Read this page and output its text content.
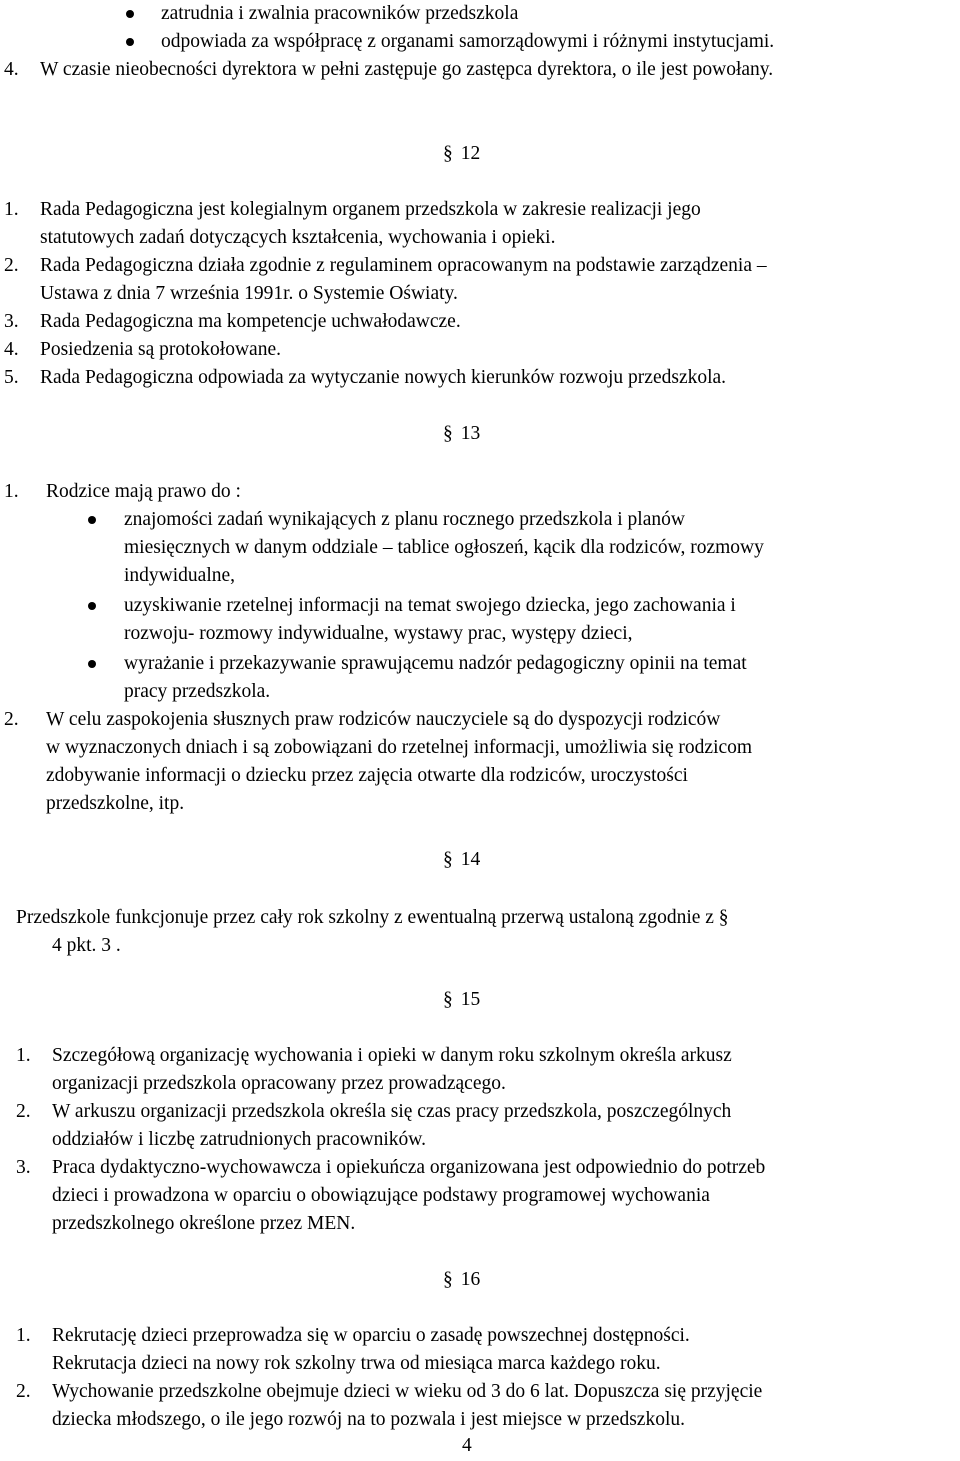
zatrudnia i zwalnia pracowników przedszkola
odpowiada za współpracę z organami samorządowymi i różnymi instytucjami.
4. W czasie nieobecności dyrektora w pełni zastępuje go zastępca dyrektora, o ile jest powołany.
§ 12
1. Rada Pedagogiczna jest kolegialnym organem przedszkola w zakresie realizacji jego
statutowych zadań dotyczących kształcenia, wychowania i opieki.
2. Rada Pedagogiczna działa zgodnie z regulaminem opracowanym na podstawie zarządzenia –
Ustawa z dnia 7 września 1991r. o Systemie Oświaty.
3. Rada Pedagogiczna ma kompetencje uchwałodawcze.
4. Posiedzenia są protokołowane.
5. Rada Pedagogiczna odpowiada za wytyczanie nowych kierunków rozwoju przedszkola.
§ 13
1. Rodzice mają prawo do :
znajomości zadań wynikających z planu rocznego przedszkola i planów
miesięcznych w danym oddziale – tablice ogłoszeń, kącik dla rodziców, rozmowy
indywidualne,
uzyskiwanie rzetelnej informacji na temat swojego dziecka, jego zachowania i
rozwoju- rozmowy indywidualne, wystawy prac, występy dzieci,
wyrażanie i przekazywanie sprawującemu nadzór pedagogiczny opinii na temat
pracy przedszkola.
2. W celu zaspokojenia słusznych praw rodziców nauczyciele są do dyspozycji rodziców
w wyznaczonych dniach i są zobowiązani do rzetelnej informacji, umożliwia się rodzicom
zdobywanie informacji o dziecku przez zajęcia otwarte dla rodziców, uroczystości
przedszkolne, itp.
§ 14
Przedszkole funkcjonuje przez cały rok szkolny z ewentualną przerwą ustaloną zgodnie z §
4 pkt. 3 .
§ 15
1. Szczegółową organizację wychowania i opieki w danym roku szkolnym określa arkusz
organizacji przedszkola opracowany przez prowadzącego.
2. W arkuszu organizacji przedszkola określa się czas pracy przedszkola, poszczególnych
oddziałów i liczbę zatrudnionych pracowników.
3. Praca dydaktyczno-wychowawcza i opiekuńcza organizowana jest odpowiednio do potrzeb
dzieci i prowadzona w oparciu o obowiązujące podstawy programowej wychowania
przedszkolnego określone przez MEN.
§ 16
1. Rekrutację dzieci przeprowadza się w oparciu o zasadę powszechnej dostępności.
Rekrutacja dzieci na nowy rok szkolny trwa od miesiąca marca każdego roku.
2. Wychowanie przedszkolne obejmuje dzieci w wieku od 3 do 6 lat. Dopuszcza się przyjęcie
dziecka młodszego, o ile jego rozwój na to pozwala i jest miejsce w przedszkolu.
4
